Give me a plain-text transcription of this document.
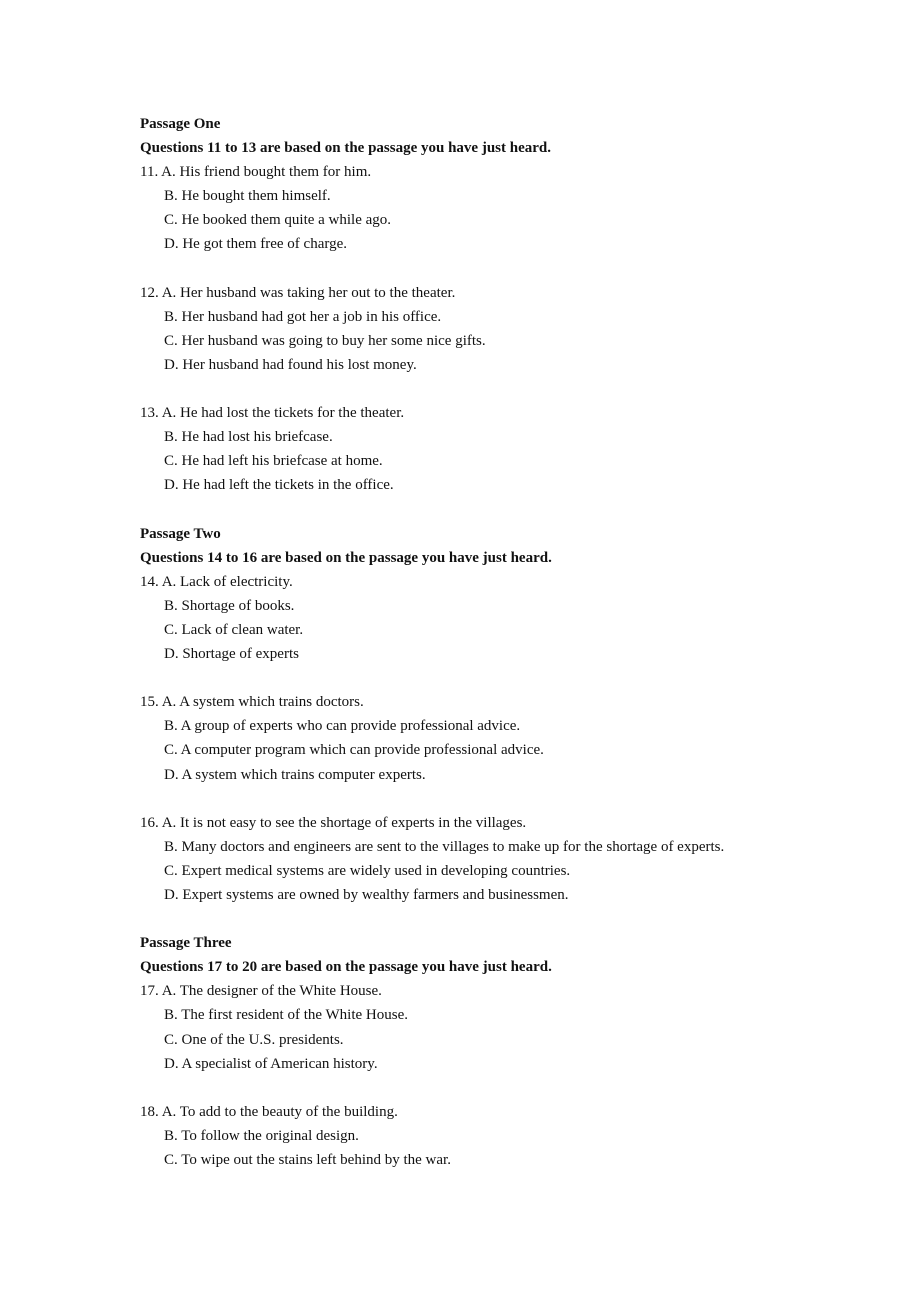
Passage One
Questions 11 to 13 are based on the passage you have just heard.
11. A. His friend bought them for him.
B. He bought them himself.
C. He booked them quite a while ago.
D. He got them free of charge.
12. A. Her husband was taking her out to the theater.
B. Her husband had got her a job in his office.
C. Her husband was going to buy her some nice gifts.
D. Her husband had found his lost money.
13. A. He had lost the tickets for the theater.
B. He had lost his briefcase.
C. He had left his briefcase at home.
D. He had left the tickets in the office.
Passage Two
Questions 14 to 16 are based on the passage you have just heard.
14. A. Lack of electricity.
B. Shortage of books.
C. Lack of clean water.
D. Shortage of experts
15. A. A system which trains doctors.
B. A group of experts who can provide professional advice.
C. A computer program which can provide professional advice.
D. A system which trains computer experts.
16. A. It is not easy to see the shortage of experts in the villages.
B. Many doctors and engineers are sent to the villages to make up for the shortage of experts.
C. Expert medical systems are widely used in developing countries.
D. Expert systems are owned by wealthy farmers and businessmen.
Passage Three
Questions 17 to 20 are based on the passage you have just heard.
17. A. The designer of the White House.
B. The first resident of the White House.
C. One of the U.S. presidents.
D. A specialist of American history.
18. A. To add to the beauty of the building.
B. To follow the original design.
C. To wipe out the stains left behind by the war.
